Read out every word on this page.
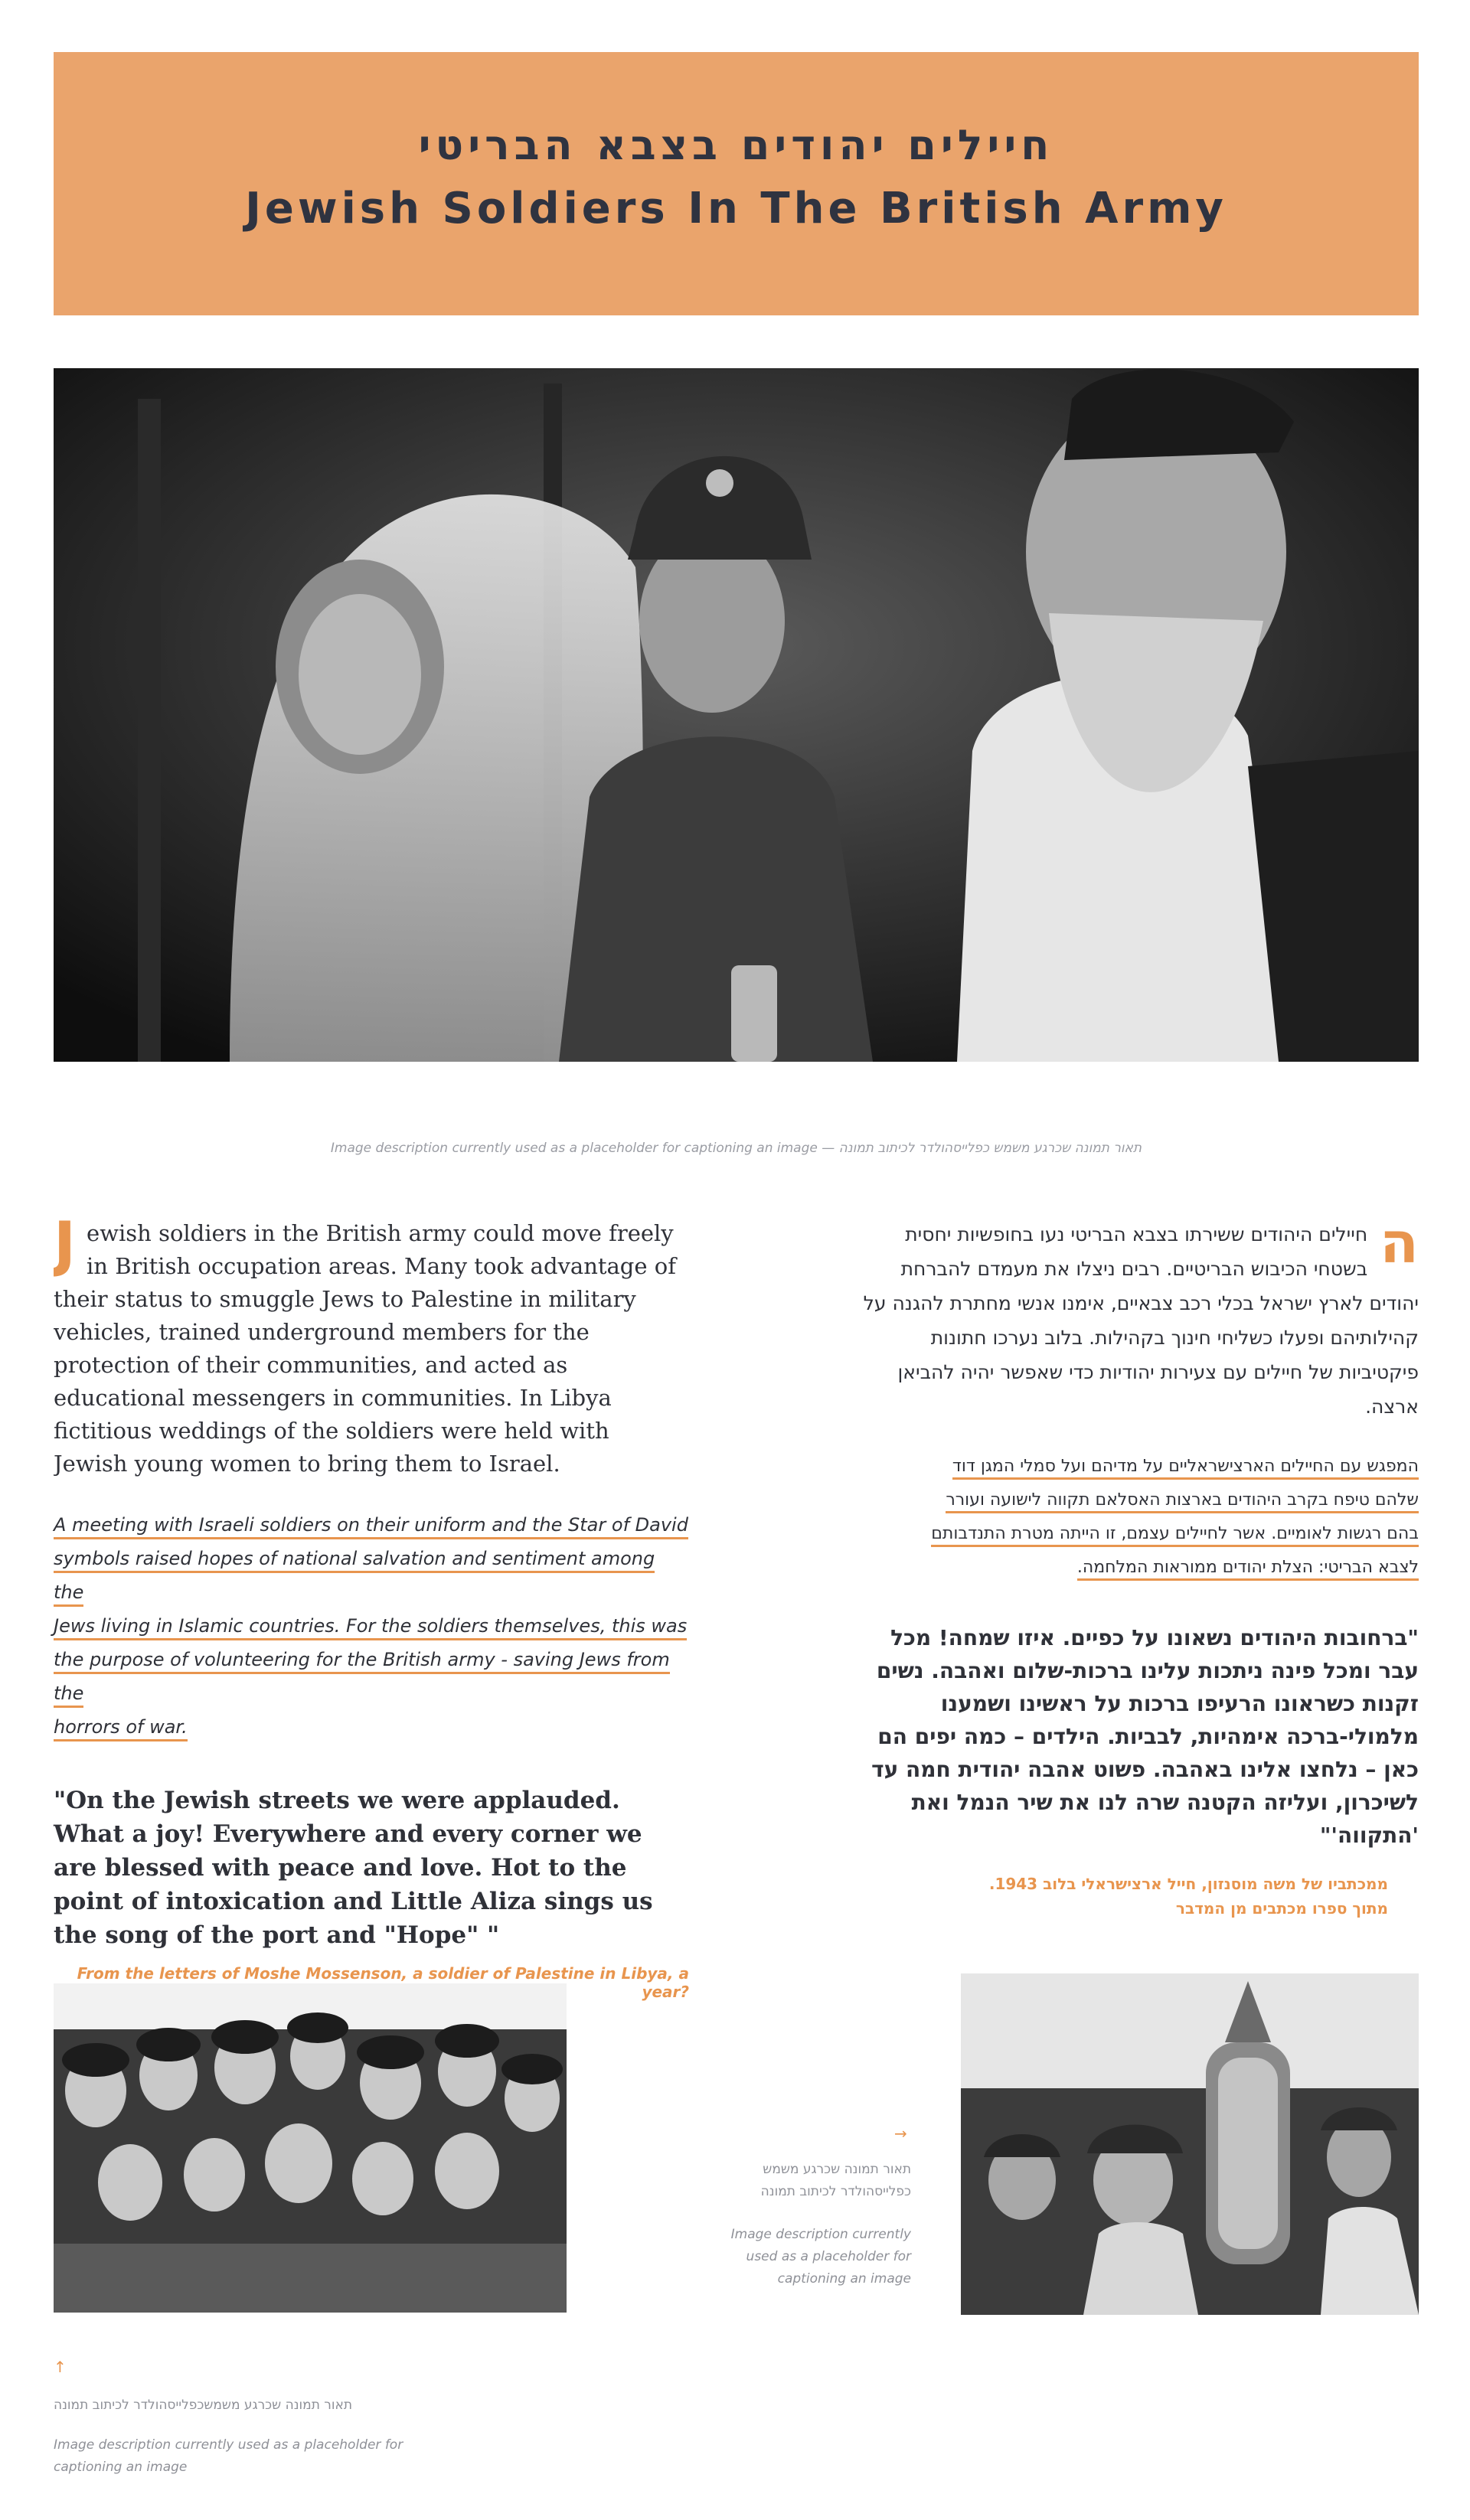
חיילים יהודים בצבא הבריטי
Jewish Soldiers In The British Army
Image description currently used as a placeholder for captioning an image — תאור תמונה שכרגע משמש כפלייסהולדר לכיתוב תמונה
J ewish soldiers in the British army could move freely in British occupation areas. Many took advantage of their status to smuggle Jews to Palestine in military vehicles, trained underground members for the protection of their communities, and acted as educational messengers in communities. In Libya fictitious weddings of the soldiers were held with Jewish young women to bring them to Israel.

A meeting with Israeli soldiers on their uniform and the Star of David

symbols raised hopes of national salvation and sentiment among the

Jews living in Islamic countries. For the soldiers themselves, this was

the purpose of volunteering for the British army - saving Jews from the

horrors of war.

"On the Jewish streets we were applauded. What a joy! Everywhere and every corner we are blessed with peace and love. Hot to the point of intoxication and Little Aliza sings us the song of the port and "Hope" "

From the letters of Moshe Mossenson, a soldier of Palestine in Libya, a year?
ה

חיילים היהודים ששירתו בצבא הבריטי נעו בחופשיות יחסית בשטחי הכיבוש הבריטיים. רבים ניצלו את מעמדם להברחת יהודים לארץ ישראל בכלי רכב צבאיים, אימנו אנשי מחתרת להגנה על קהילותיהם ופעלו כשליחי חינוך בקהילות. בלוב נערכו חתונות פיקטיביות של חיילים עם צעירות יהודיות כדי שאפשר יהיה להביאן ארצה.

המפגש עם החיילים הארצישראליים על מדיהם ועל סמלי המגן דוד

שלהם טיפח בקרב היהודים בארצות האסלאם תקווה לישועה ועורר

בהם רגשות לאומיים. אשר לחיילים עצמם, זו הייתה מטרת התנדבותם

לצבא הבריטי: הצלת יהודים ממוראות המלחמה.

"ברחובות היהודים נשאונו על כפיים. איזו שמחה! מכל עבר ומכל פינה ניתכות עלינו ברכות-שלום ואהבה. נשים זקנות כשראונו הרעיפו ברכות על ראשינו ושמענו מלמולי-ברכה אימהיות, לבביות. הילדים – כמה יפים הם כאן – נלחצו אלינו באהבה. פשוט אהבה יהודית חמה עד לשיכרון, ועליזה הקטנה שרה לנו את שיר הנמל ואת 'התקווה'"

ממכתביו של משה מוסנזון, חייל ארצישראלי בלוב 1943.
מתוך ספרו מכתבים מן המדבר
↑
תאור תמונה שכרגע משמשכפלייסהולדר לכיתוב תמונה
Image description currently used as a placeholder for captioning an image
→
תאור תמונה שכרגע משמש כפלייסהולדר לכיתוב תמונה
Image description currently used as a placeholder for captioning an image
